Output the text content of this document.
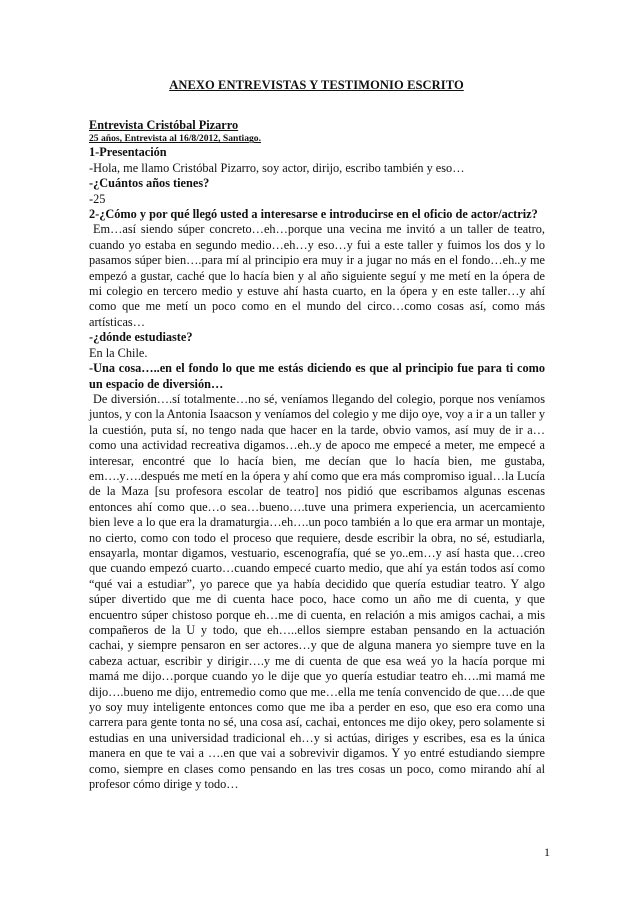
ANEXO ENTREVISTAS Y TESTIMONIO ESCRITO

Entrevista Cristóbal Pizarro

25 años, Entrevista al 16/8/2012, Santiago.

1-Presentación

-Hola, me llamo Cristóbal Pizarro, soy actor, dirijo, escribo también y eso…

-¿Cuántos años tienes?

-25

2-¿Cómo y por qué llegó usted a interesarse e introducirse en el oficio de actor/actriz?

Em…así siendo súper concreto…eh…porque una vecina me invitó a un taller de teatro, cuando yo estaba en segundo medio…eh…y eso…y fui a este taller y fuimos los dos y lo pasamos súper bien….para mí al principio era muy ir a jugar no más en el fondo…eh..y me empezó a gustar, caché que lo hacía bien y al año siguiente seguí y me metí en la ópera de mi colegio en tercero medio y estuve ahí hasta cuarto, en la ópera y en este taller…y ahí como que me metí un poco como en el mundo del circo…como cosas así, como más artísticas…

-¿dónde estudiaste?

En la Chile.

-Una cosa…..en el fondo lo que me estás diciendo es que al principio fue para ti como un espacio de diversión…

De diversión….sí totalmente…no sé, veníamos llegando del colegio, porque nos veníamos juntos, y con la Antonia Isaacson y veníamos del colegio y me dijo oye, voy a ir a un taller y la cuestión, puta sí, no tengo nada que hacer en la tarde, obvio vamos, así muy de ir a…como una actividad recreativa digamos…eh..y de apoco me empecé a meter, me empecé a interesar, encontré que lo hacía bien, me decían que lo hacía bien, me gustaba, em….y….después me metí en la ópera y ahí como que era más compromiso igual…la Lucía de la Maza [su profesora escolar de teatro] nos pidió que escribamos algunas escenas entonces ahí como que…o sea…bueno….tuve una primera experiencia, un acercamiento bien leve a lo que era la dramaturgia…eh….un poco también a lo que era armar un montaje, no cierto, como con todo el proceso que requiere, desde escribir la obra, no sé, estudiarla, ensayarla, montar digamos, vestuario, escenografía, qué se yo..em…y así hasta que…creo que cuando empezó cuarto…cuando empecé cuarto medio, que ahí ya están todos así como “qué vai a estudiar”, yo parece que ya había decidido que quería estudiar teatro. Y algo súper divertido que me di cuenta hace poco, hace como un año me di cuenta, y que encuentro súper chistoso porque eh…me di cuenta, en relación a mis amigos cachai, a mis compañeros de la U y todo, que eh…..ellos siempre estaban pensando en la actuación cachai, y siempre pensaron en ser actores…y que de alguna manera yo siempre tuve en la cabeza actuar, escribir y dirigir….y me di cuenta de que esa weá yo la hacía porque mi mamá me dijo…porque cuando yo le dije que yo quería estudiar teatro eh….mi mamá me dijo….bueno me dijo, entremedio como que me…ella me tenía convencido de que….de que yo soy muy inteligente entonces como que me iba a perder en eso, que eso era como una carrera para gente tonta no sé, una cosa así, cachai, entonces me dijo okey, pero solamente si estudias en una universidad tradicional eh…y si actúas, diriges y escribes, esa es la única manera en que te vai a ….en que vai a sobrevivir digamos. Y yo entré estudiando siempre como, siempre en clases como pensando en las tres cosas un poco, como mirando ahí al profesor cómo dirige y todo…

1
